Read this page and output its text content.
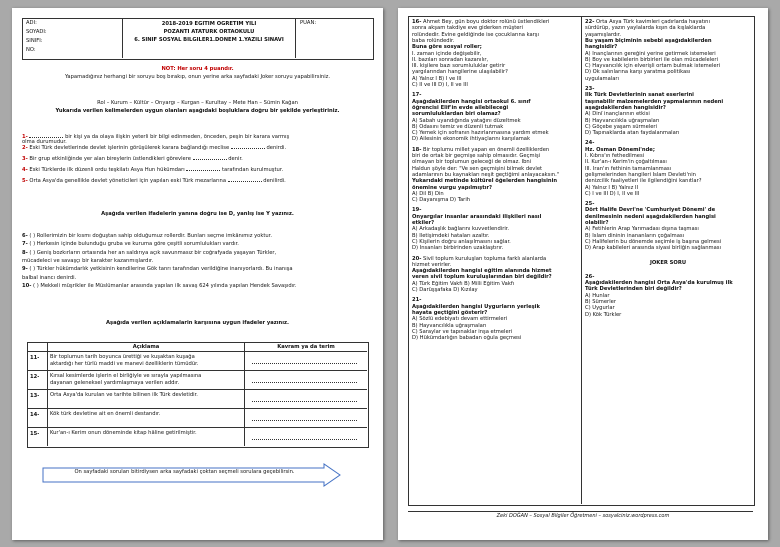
ADI:
SOYADI:
SINIFI:
NO:
2018-2019 EĞİTİM ÖĞRETİM YILI
POZANTI ATATÜRK ORTAOKULU
6. SINIF SOSYAL BİLGİLER1.DÖNEM 1.YAZILI SINAVI
PUAN:
NOT: Her soru 4 puandır.
Yapamadığınız herhangi bir soruyu boş bırakıp, onun yerine arka sayfadaki Joker soruyu yapabilirsiniz.
Rol – Kurum – Kültür – Önyargı – Kurgan – Kurultay – Mete Han – Sümin Kağan
Yukarıda verilen kelimelerden uygun olanları aşağıdaki boşluklara doğru bir şekilde yerleştiriniz.
1-	bir kişi ya da olaya ilişkin yeterli bir bilgi edinmeden, önceden, peşin bir karara varmış
olma durumudur.
2- Eski Türk devletlerinde devlet işlerinin görüşülerek karara bağlandığı meclise	denirdi.
3- Bir grup etkinliğinde yer alan bireylerin üstlendikleri görevlere	denir.
4- Eski Türklerde ilk düzenli ordu teşkilatı Asya Hun hükümdarı	tarafından kurulmuştur.
5- Orta Asya'da genellikle devlet yöneticileri için yapılan eski Türk mezarlarına	denilirdi.
Aşağıda verilen ifadelerin yanına doğru ise D, yanlış ise Y yazınız.
6- ( ) Rollerimizin bir kısmı doğuştan sahip olduğumuz rollerdir. Bunları seçme imkânımız yoktur.
7- ( ) Herkesin içinde bulunduğu gruba ve kuruma göre çeşitli sorumlulukları vardır.
8- ( ) Geniş bozkırların ortasında her an saldırıya açık savunmasız bir coğrafyada yaşayan Türkler,
mücadeleci ve savaşçı bir karakter kazanmışlardır.
9- ( ) Türkler hükümdarlık yetkisinin kendilerine Gök tanrı tarafından verildiğine inanıyorlardı. Bu inanışa
balbal inancı denirdi.
10- ( ) Mekkeli müşrikler ile Müslümanlar arasında yapılan ilk savaş 624 yılında yapılan Hendek Savaşıdır.
Aşağıda verilen açıklamalarin karşısına uygun ifadeler yazınız.
Açıklama	Kavram ya da terim
11- Bir toplumun tarih boyunca ürettiği ve kuşaktan kuşağa
aktardığı her türlü maddi ve manevi özelliklerin tümüdür.
12- Kırsal kesimlerde işlerin el birliğiyle ve sırayla yapılmasına
dayanan geleneksel yardımlaşmaya verilen addır.
13- Orta Asya'da kurulan ve tarihte bilinen ilk Türk devletidir.
14- Kök türk devletine ait en önemli destandır.
15- Kur'an-ı Kerim onun döneminde kitap hâline getirilmiştir.
Ön sayfadaki soruları bitirdiysen arka sayfadaki çoktan seçmeli sorulara geçebilirsin.
16- Ahmet Bey, gün boyu doktor rolünü üstlendikleri
sonra akşam takdiye eve giderken müşteri
rolündedir. Evine geldiğinde ise çocuklarına karşı
baba rolündedir.
Buna göre sosyal roller;
I. zaman içinde değişebilir,
II. bazıları sonradan kazanılır,
III. kişilere bazı sorumluluklar getirir
yargılarından hangilerine ulaşılabilir?
A) Yalnız I B) I ve III
C) II ve III D) I, II ve III
17-
Aşağıdakilerden hangisi ortaokul 6. sınıf
öğrencisi Elif'in evde ailebileceği
sorumluluklardan biri olamaz?
A) Sabah uyandığında yatağını düzeltmek
B) Odasını temiz ve düzenli tutmak
C) Yemek için sofranın hazırlanmasına yardım etmek
D) Ailesinin ekonomik ihtiyaçlarını karşılamak
18- Bir toplumu millet yapan en önemli özelliklerden
biri de ortak bir geçmişe sahip olmasıdır. Geçmişi
olmayan bir toplumun geleceği de olmaz. İbni
Haldun şöyle der: "Ve sen geçmişini bilmek devlet
adamlarının bu kaynakları neşit geçtiğimi anlayacaksın."
Yukarıdaki metinde kültürel öğelerden hangisinin
önemine vurgu yapılmıştır?
A) Dil B) Din
C) Dayanışma D) Tarih
19-
Önyargılar insanlar arasındaki ilişkileri nasıl
etkiler?
A) Arkadaşlık bağlarını kuvvetlendirir.
B) İletişimdeki hataları azaltır.
C) Kişilerin doğru anlaşılmasını sağlar.
D) İnsanları birbirinden uzaklaştırır.
20- Sivil toplum kuruluşları topluma farklı alanlarda
hizmet verirler.
Aşağıdakilerden hangisi eğitim alanında hizmet
veren sivil toplum kuruluşlarından biri değildir?
A) Türk Eğitim Vakfı B) Milli Eğitim Vakfı
C) Darüşşafaka D) Kızılay
21-
Aşağıdakilerden hangisi Uygurların yerleşik
hayata geçtiğini gösterir?
A) Sözlü edebiyatı devam ettirmeleri
B) Hayvancılıkla uğraşmaları
C) Saraylar ve tapınaklar inşa etmeleri
D) Hükümdarlığın babadan oğula geçmesi
22- Orta Asya Türk kavimleri çadırlarda hayatını
sürdürüp, yazın yaylalarda kışın da kışlaklarda
yaşamışlardır.
Bu yaşam biçiminin sebebi aşağıdakilerden
hangisidir?
A) İnançlarının gereğini yerine getirmek istemeleri
B) Boy ve kabilelerin birbirleri ile olan mücadeleleri
C) Hayvancılık için elverişli ortam bulmak istemeleri
D) Ok salınlarına karşı yaratma politikası
uygulamaları
23-
İlk Türk Devletlerinin sanat eserlerini
taşınabilir malzemelerden yapmalarının nedeni
aşağıdakilerden hangisidir?
A) Dinî inançlarının etkisi
B) Hayvancılıkla uğraşmaları
C) Göçebe yaşam sürmeleri
D) Tapınaklarda atan faydalanmaları
24-
Hz. Osman Dönemi'nde;
I. Kıbrıs'ın fethedilmesi
II. Kur'an-ı Kerim'in çoğaltılması
III. İran'ın fethinin tamamlanması
gelişmelerinden hangileri İslam Devleti'nin
denizcilik faaliyetleri ile ilgilendiğini kanıtlar?
A) Yalnız I B) Yalnız II
C) I ve III D) I, II ve III
25-
Dört Halife Devri'ne 'Cumhuriyet Dönemi' de
denilmesinin nedeni aşağıdakilerden hangisi
olabilir?
A) Fetihlerin Arap Yarımadası dışına taşması
B) İslam dininin inananların çoğalması
C) Halifelerin bu dönemde seçimle iş başına gelmesi
D) Arap kabileleri arasında siyasi birliğin sağlanması
JOKER SORU
26-
Aşağıdakilerden hangisi Orta Asya'da kurulmuş ilk
Türk Devletlerinden biri değildir?
A) Hunlar
B) Sümerler
C) Uygurlar
D) Kök Türkler
Zeki DOĞAN – Sosyal Bilgiler Öğretmeni – sosyalciniz.wordpress.com
